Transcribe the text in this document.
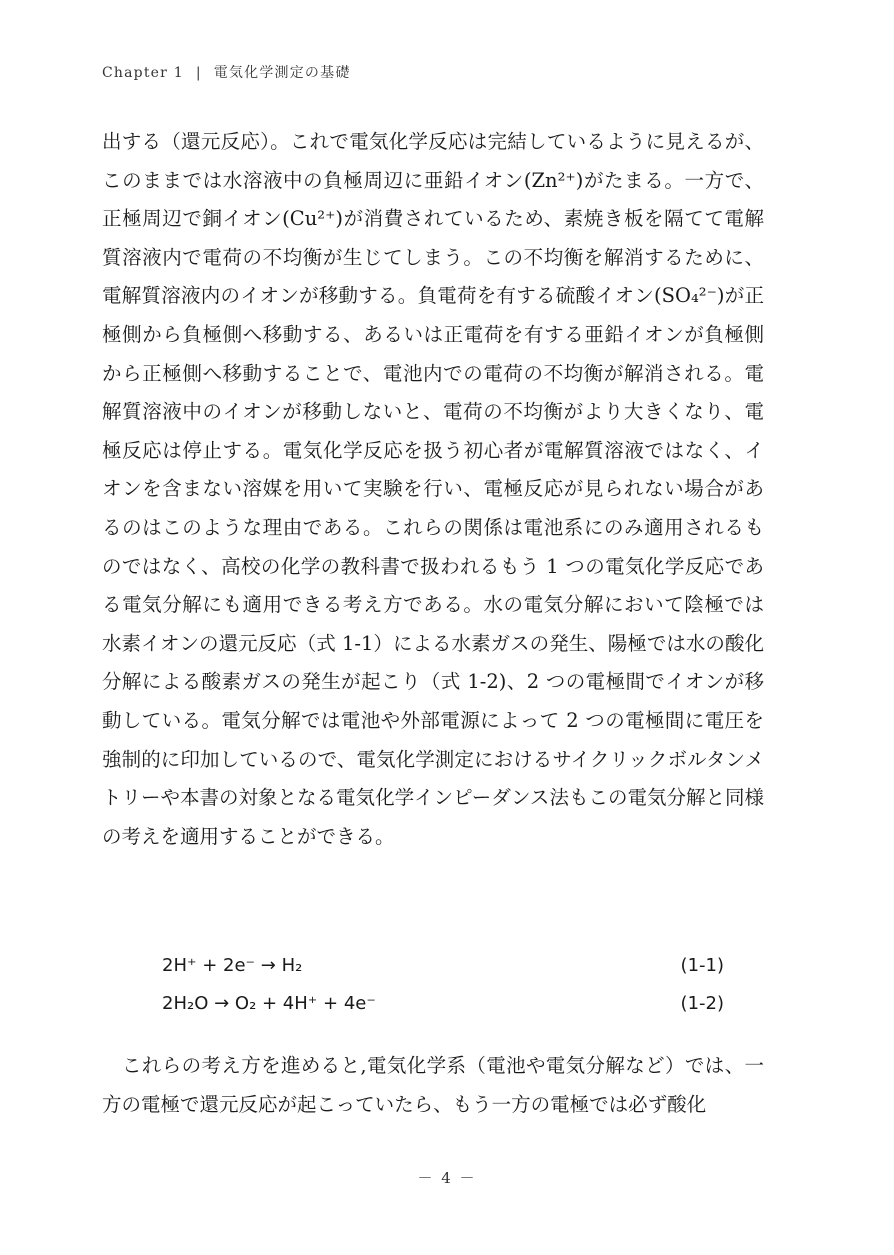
Chapter 1 | 電気化学測定の基礎

出する（還元反応）。これで電気化学反応は完結しているように見えるが、このままでは水溶液中の負極周辺に亜鉛イオン(Zn²⁺)がたまる。一方で、正極周辺で銅イオン(Cu²⁺)が消費されているため、素焼き板を隔てて電解質溶液内で電荷の不均衡が生じてしまう。この不均衡を解消するために、電解質溶液内のイオンが移動する。負電荷を有する硫酸イオン(SO₄²⁻)が正極側から負極側へ移動する、あるいは正電荷を有する亜鉛イオンが負極側から正極側へ移動することで、電池内での電荷の不均衡が解消される。電解質溶液中のイオンが移動しないと、電荷の不均衡がより大きくなり、電極反応は停止する。電気化学反応を扱う初心者が電解質溶液ではなく、イオンを含まない溶媒を用いて実験を行い、電極反応が見られない場合があるのはこのような理由である。これらの関係は電池系にのみ適用されるものではなく、高校の化学の教科書で扱われるもう 1 つの電気化学反応である電気分解にも適用できる考え方である。水の電気分解において陰極では水素イオンの還元反応（式 1-1）による水素ガスの発生、陽極では水の酸化分解による酸素ガスの発生が起こり（式 1-2)、2 つの電極間でイオンが移動している。電気分解では電池や外部電源によって 2 つの電極間に電圧を強制的に印加しているので、電気化学測定におけるサイクリックボルタンメトリーや本書の対象となる電気化学インピーダンス法もこの電気分解と同様の考えを適用することができる。

2H⁺ + 2e⁻ → H₂	(1-1)
2H₂O → O₂ + 4H⁺ + 4e⁻	(1-2)

これらの考え方を進めると,電気化学系（電池や電気分解など）では、一方の電極で還元反応が起こっていたら、もう一方の電極では必ず酸化

－ 4 －
